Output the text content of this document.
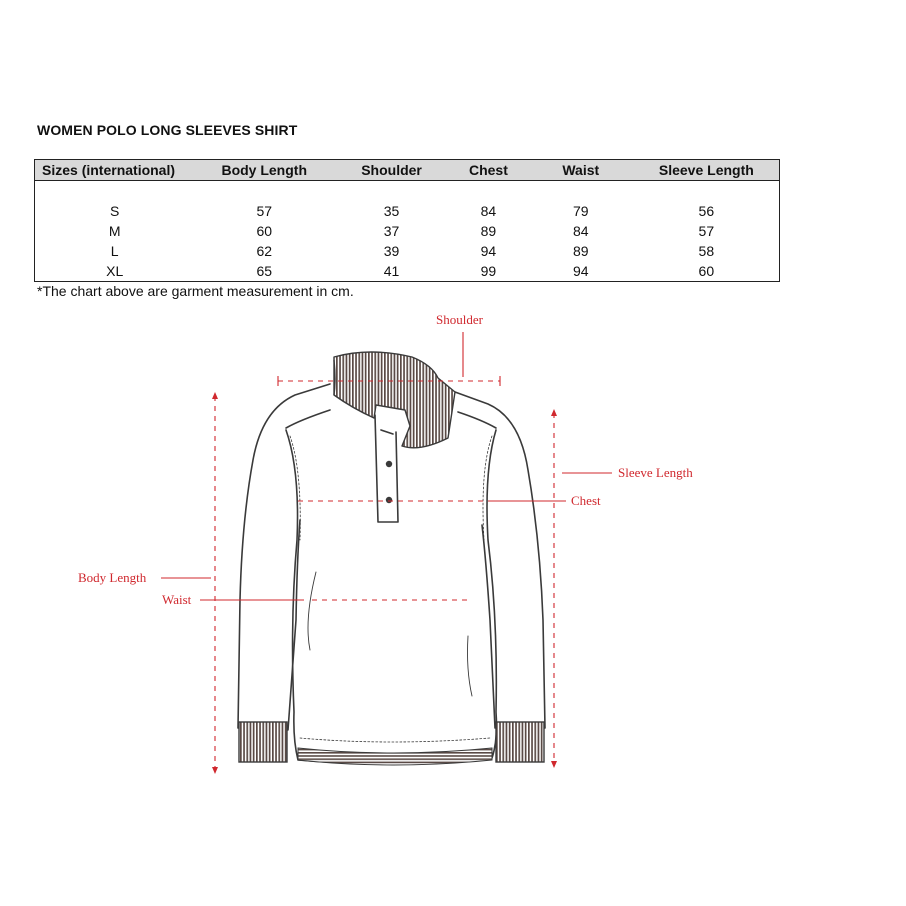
WOMEN POLO LONG SLEEVES SHIRT
Sizes (international)	Body Length	Shoulder	Chest	Waist	Sleeve Length

S	57	35	84	79	56
M	60	37	89	84	57
L	62	39	94	89	58
XL	65	41	99	94	60
*The chart above are garment measurement in cm.
Shoulder
Sleeve Length
Chest
Body Length
Waist
